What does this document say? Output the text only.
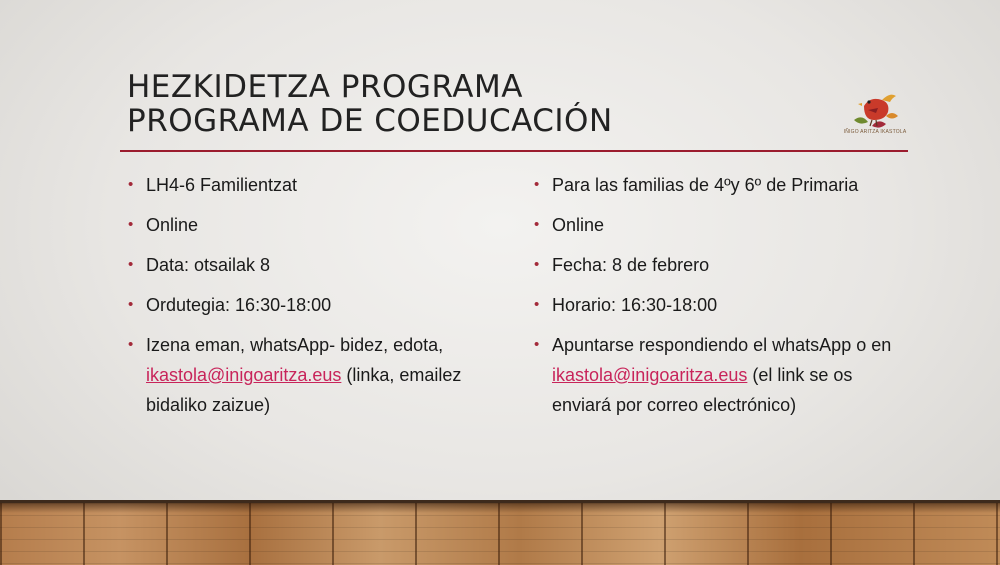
HEZKIDETZA PROGRAMA
PROGRAMA DE COEDUCACIÓN	IÑIGO ARITZA IKASTOLA
• LH4-6 Familientzat
• Online
• Data: otsailak 8
• Ordutegia: 16:30-18:00
• Izena eman, whatsApp- bidez, edota, ikastola@inigoaritza.eus (linka, emailez bidaliko zaizue)
• Para las familias de 4ºy 6º de Primaria
• Online
• Fecha: 8 de febrero
• Horario: 16:30-18:00
• Apuntarse respondiendo el whatsApp o en ikastola@inigoaritza.eus (el link se os enviará por correo electrónico)
